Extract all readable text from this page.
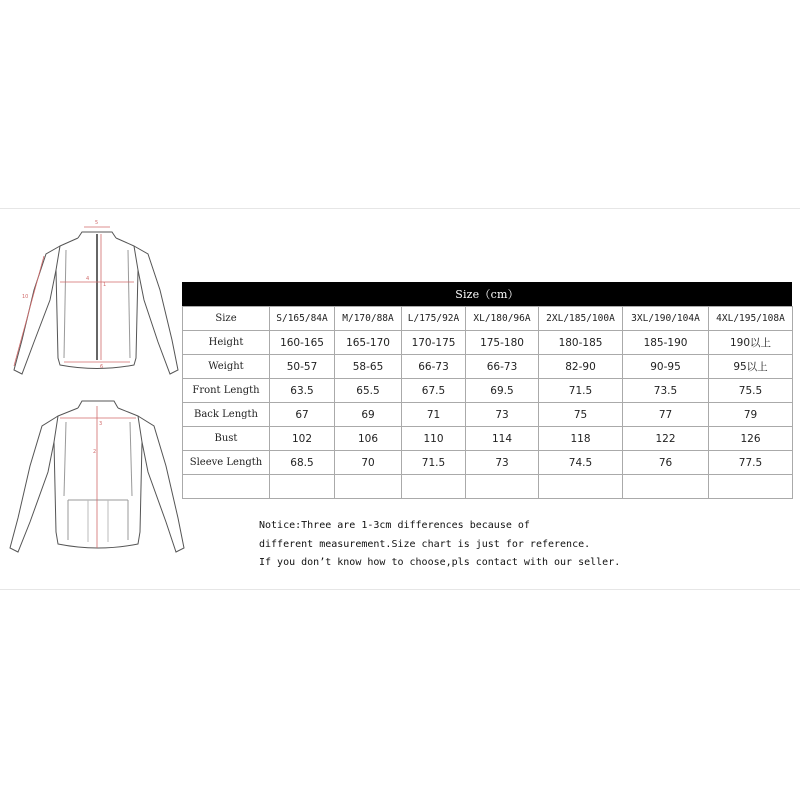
5
4
1
10
6
3
2
Size（cm）
Size	S/165/84A	M/170/88A	L/175/92A	XL/180/96A	2XL/185/100A	3XL/190/104A	4XL/195/108A
Height	160-165	165-170	170-175	175-180	180-185	185-190	190以上
Weight	50-57	58-65	66-73	66-73	82-90	90-95	95以上
Front Length	63.5	65.5	67.5	69.5	71.5	73.5	75.5
Back Length	67	69	71	73	75	77	79
Bust	102	106	110	114	118	122	126
Sleeve Length	68.5	70	71.5	73	74.5	76	77.5

Notice:Three are 1-3cm differences because of
different measurement.Size chart is just for reference.
If you don’t know how to choose,pls contact with our seller.
